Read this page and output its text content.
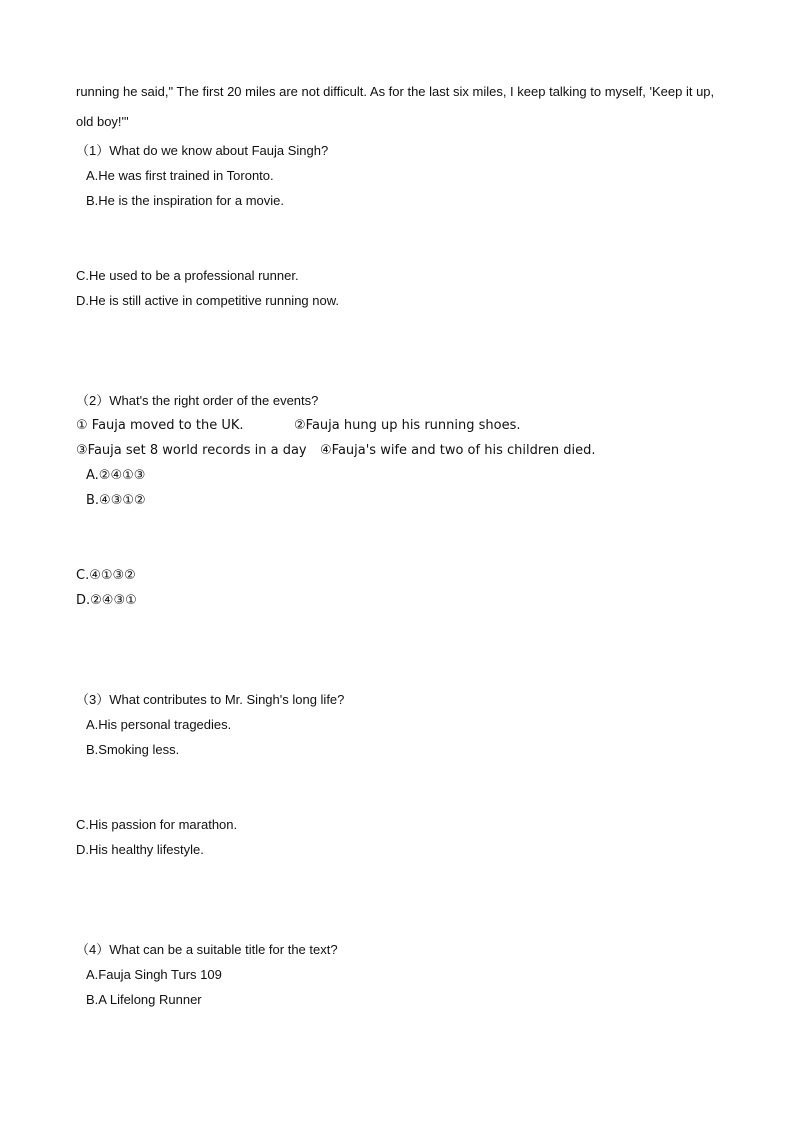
running he said," The first 20 miles are not difficult. As for the last six miles, I keep talking to myself, 'Keep it up,
old boy!'"
（1）What do we know about Fauja Singh?
A.He was first trained in Toronto.
B.He is the inspiration for a movie.
C.He used to be a professional runner.
D.He is still active in competitive running now.
（2）What's the right order of the events?
① Fauja moved to the UK.	②Fauja hung up his running shoes.
③Fauja set 8 world records in a day ④Fauja's wife and two of his children died.
A.②④①③
B.④③①②
C.④①③②
D.②④③①
（3）What contributes to Mr. Singh's long life?
A.His personal tragedies.
B.Smoking less.
C.His passion for marathon.
D.His healthy lifestyle.
（4）What can be a suitable title for the text?
A.Fauja Singh Turs 109
B.A Lifelong Runner
